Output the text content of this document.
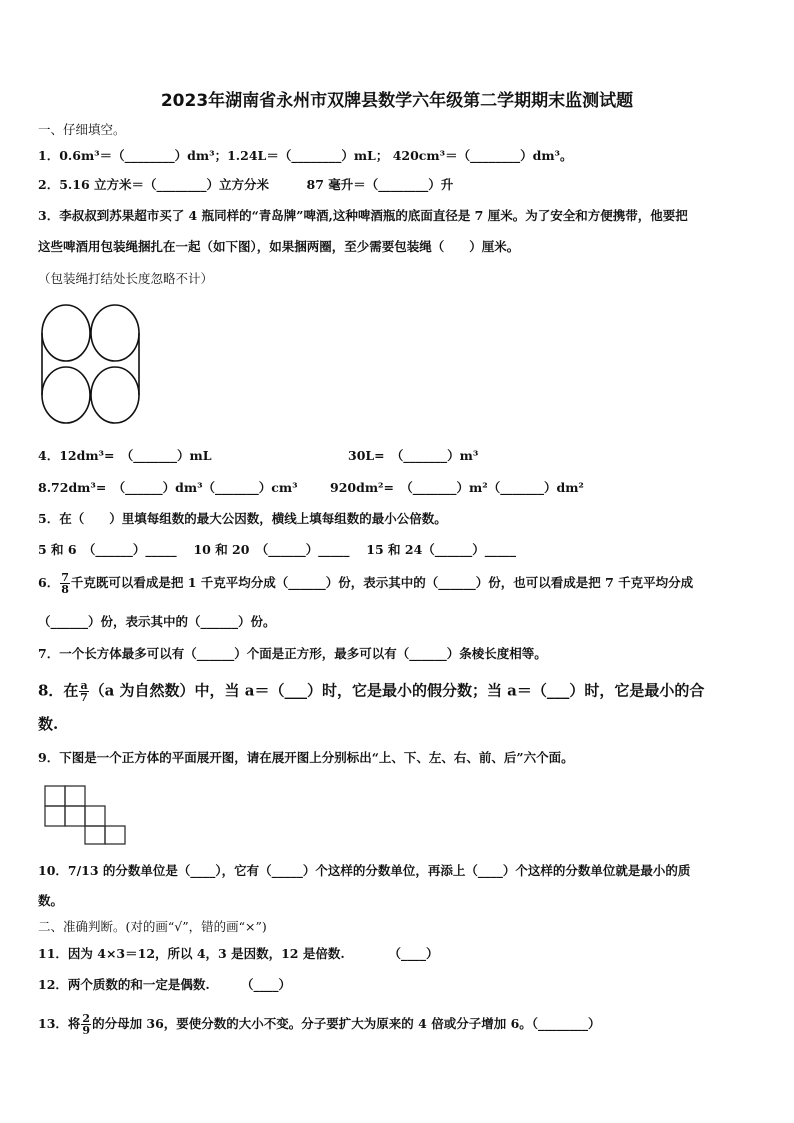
2023年湖南省永州市双牌县数学六年级第二学期期末监测试题
一、仔细填空。
1．0.6m³＝（________）dm³；1.24L＝（________）mL； 420cm³＝（________）dm³。
2．5.16 立方米＝（________）立方分米　　　87 毫升＝（________）升
3．李叔叔到苏果超市买了 4 瓶同样的“青岛牌”啤酒,这种啤酒瓶的底面直径是 7 厘米。为了安全和方便携带，他要把
这些啤酒用包装绳捆扎在一起（如下图），如果捆两圈，至少需要包装绳（　　）厘米。
（包装绳打结处长度忽略不计）
4．12dm³=　（_______）mL	30L=　（_______）m³
8.72dm³=　（______）dm³（_______）cm³	920dm²=　（_______）m²（_______）dm²
5．在（　　）里填每组数的最大公因数，横线上填每组数的最小公倍数。
5 和 6　（______）_____　 10 和 20　（______）_____　 15 和 24（______）_____
6． $\frac{7}{8}$ 千克既可以看成是把 1 千克平均分成（______）份，表示其中的（______）份，也可以看成是把 7 千克平均分成
（______）份，表示其中的（______）份。
7．一个长方体最多可以有（______）个面是正方形，最多可以有（______）条棱长度相等。
8．在 $\frac{a}{7} (a$ 为自然数）中，当 a＝（___）时，它是最小的假分数；当 a＝（___）时，它是最小的合
数.
9．下图是一个正方体的平面展开图，请在展开图上分别标出“上、下、左、右、前、后”六个面。
10．7/13 的分数单位是（____），它有（_____）个这样的分数单位，再添上（____）个这样的分数单位就是最小的质
数。
二、准确判断。(对的画“√”，错的画“×”)
11．因为 4×3＝12，所以 4，3 是因数，12 是倍数.　　　　（____）
12．两个质数的和一定是偶数.　　　（____）
13．将 $\frac{2}{9}$ 的分母加 36，要使分数的大小不变。分子要扩大为原来的 4 倍或分子增加 6。（________）
